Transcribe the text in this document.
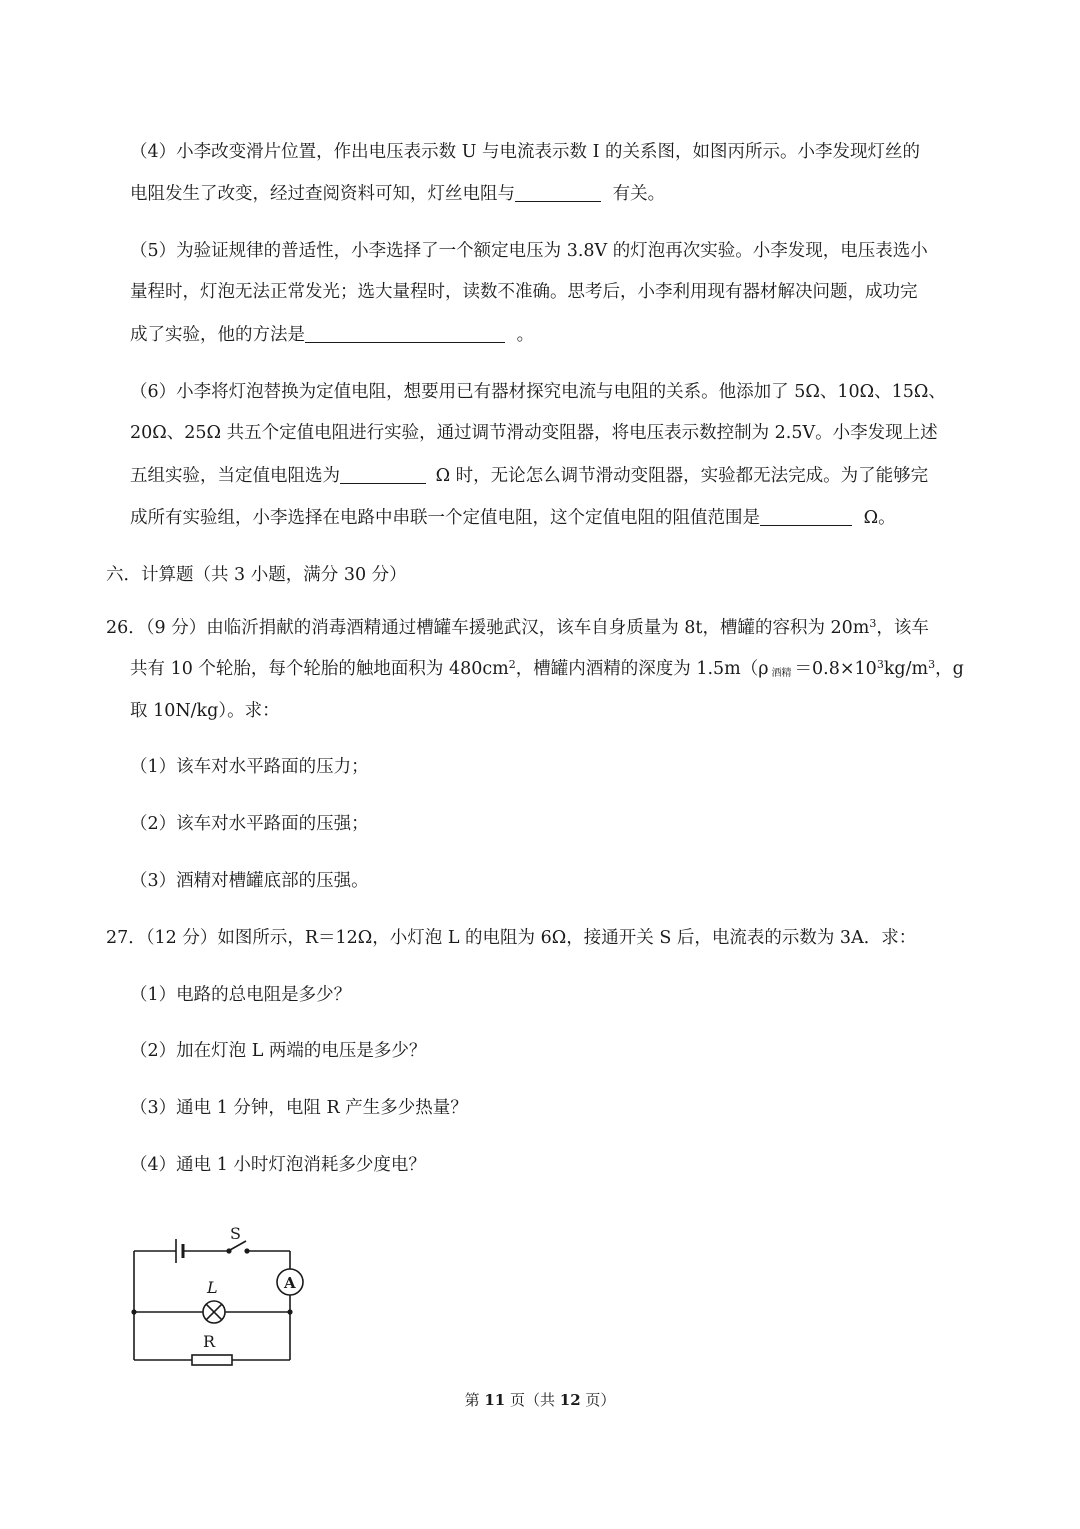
（4）小李改变滑片位置，作出电压表示数 U 与电流表示数 I 的关系图，如图丙所示。小李发现灯丝的
电阻发生了改变，经过查阅资料可知，灯丝电阻与	有关。
（5）为验证规律的普适性，小李选择了一个额定电压为 3.8V 的灯泡再次实验。小李发现，电压表选小
量程时，灯泡无法正常发光；选大量程时，读数不准确。思考后，小李利用现有器材解决问题，成功完
成了实验，他的方法是	。
（6）小李将灯泡替换为定值电阻，想要用已有器材探究电流与电阻的关系。他添加了 5Ω、10Ω、15Ω、
20Ω、25Ω 共五个定值电阻进行实验，通过调节滑动变阻器，将电压表示数控制为 2.5V。小李发现上述
五组实验，当定值电阻选为	Ω 时，无论怎么调节滑动变阻器，实验都无法完成。为了能够完
成所有实验组，小李选择在电路中串联一个定值电阻，这个定值电阻的阻值范围是	Ω。
六．计算题（共 3 小题，满分 30 分）
26．（9 分）由临沂捐献的消毒酒精通过槽罐车援驰武汉，该车自身质量为 8t，槽罐的容积为 $20m^3$，该车
共有 10 个轮胎，每个轮胎的触地面积为 $480cm^2$，槽罐内酒精的深度为 1.5m（ρ $_{酒精} =0.8\times 10^3kg/m^3$，g
取 10N/kg）。求：
（1）该车对水平路面的压力；
（2）该车对水平路面的压强；
（3）酒精对槽罐底部的压强。
27．（12 分）如图所示，R＝12Ω，小灯泡 L 的电阻为 6Ω，接通开关 S 后，电流表的示数为 3A．求：
（1）电路的总电阻是多少？
（2）加在灯泡 L 两端的电压是多少？
（3）通电 1 分钟，电阻 R 产生多少热量？
（4）通电 1 小时灯泡消耗多少度电？
S
A
L
R
第 11 页（共 12 页）
